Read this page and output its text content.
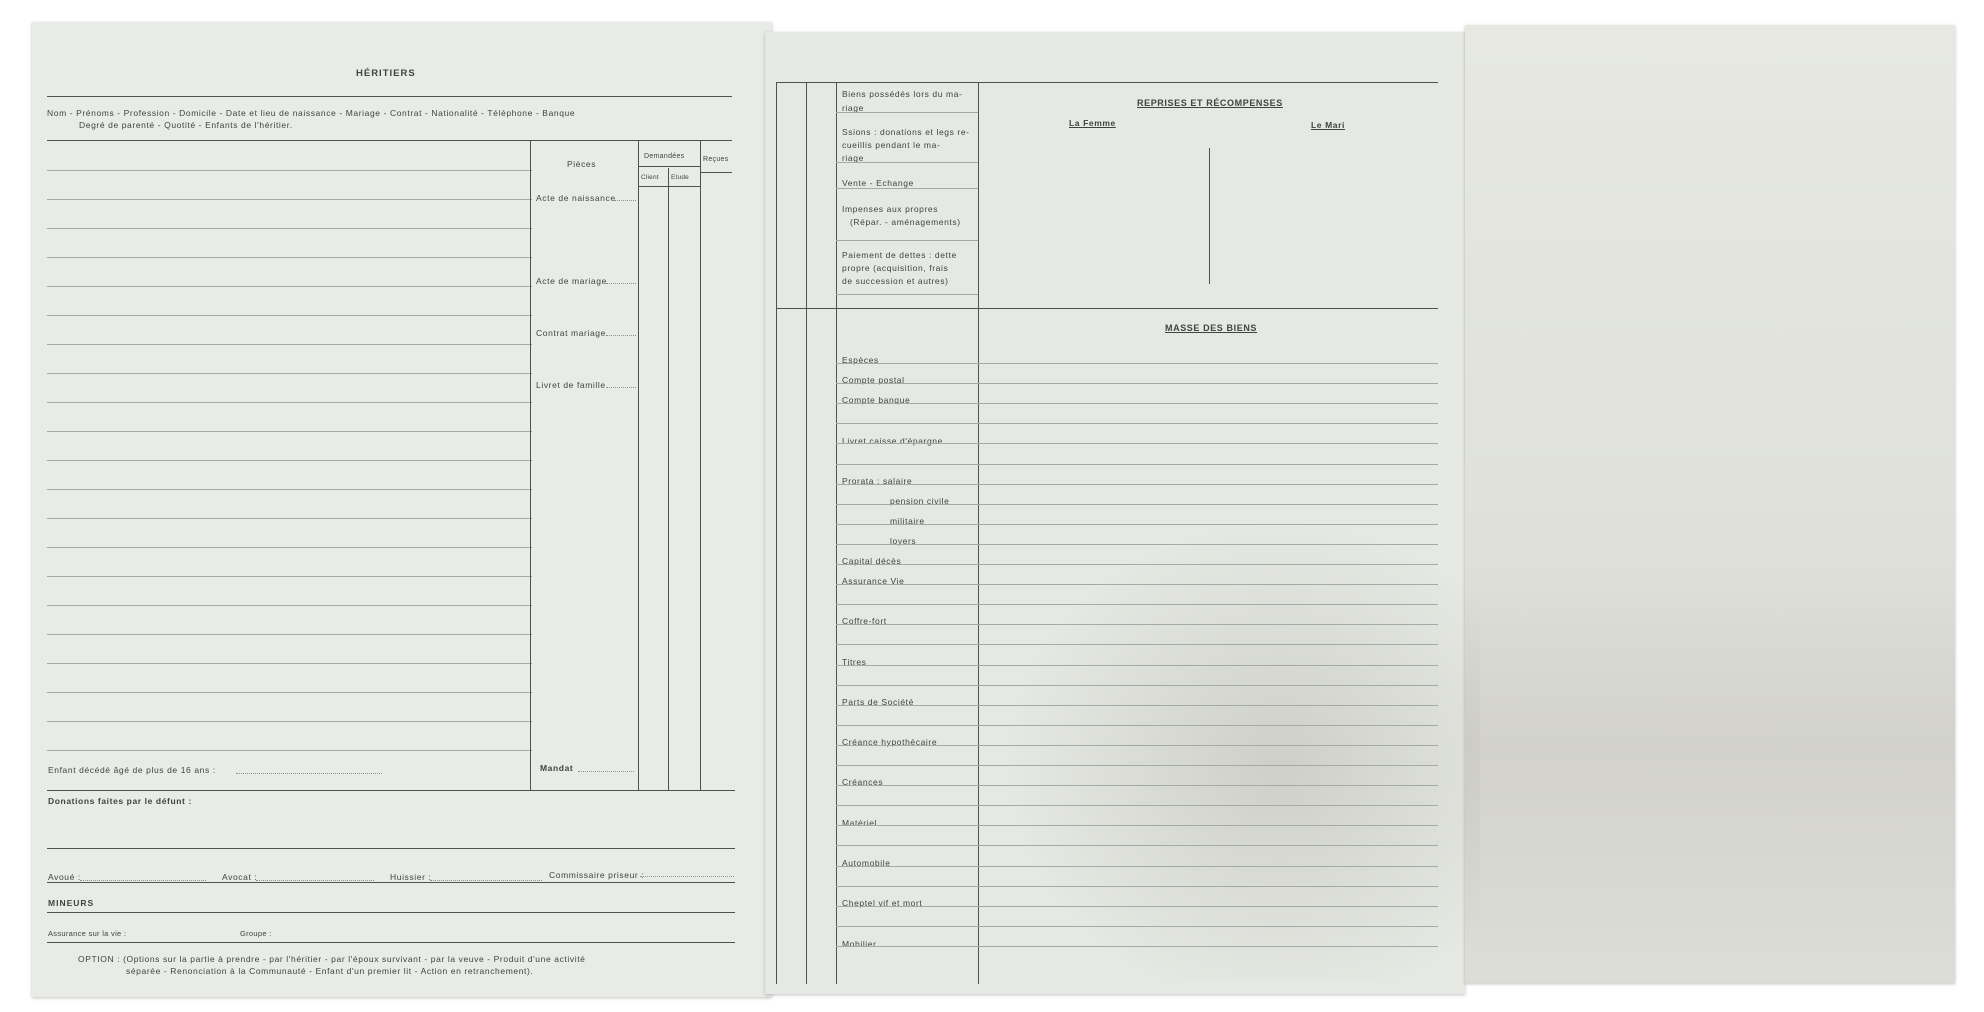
HÉRITIERS
Nom - Prénoms - Profession - Domicile - Date et lieu de naissance - Mariage - Contrat - Nationalité - Téléphone - Banque
Degré de parenté - Quotité - Enfants de l'héritier.
Pièces
Demandées	Reçues
Client Etude
Acte de naissance
Acte de mariage
Contrat mariage
Livret de famille
Mandat
Enfant décédé âgé de plus de 16 ans :
Donations faites par le défunt :
Avoué :	Avocat :	Huissier :	Commissaire priseur :
MINEURS
Assurance sur la vie :	Groupe :
OPTION : (Options sur la partie à prendre - par l'héritier - par l'époux survivant - par la veuve - Produit d'une activité
séparée - Renonciation à la Communauté - Enfant d'un premier lit - Action en retranchement).
Biens possédés lors du ma-
riage
Ssions : donations et legs re-
cueillis pendant le ma-
riage
Vente - Echange
Impenses aux propres
(Répar. - aménagements)
Paiement de dettes : dette
propre (acquisition, frais
de succession et autres)
REPRISES ET RÉCOMPENSES
La Femme	Le Mari
MASSE DES BIENS
Espèces
Compte postal
Compte banque
Livret caisse d'épargne
Prorata : salaire
pension civile
militaire
loyers
Capital décès
Assurance Vie
Coffre-fort
Titres
Parts de Société
Créance hypothécaire
Créances
Matériel
Automobile
Cheptel vif et mort
Mobilier
